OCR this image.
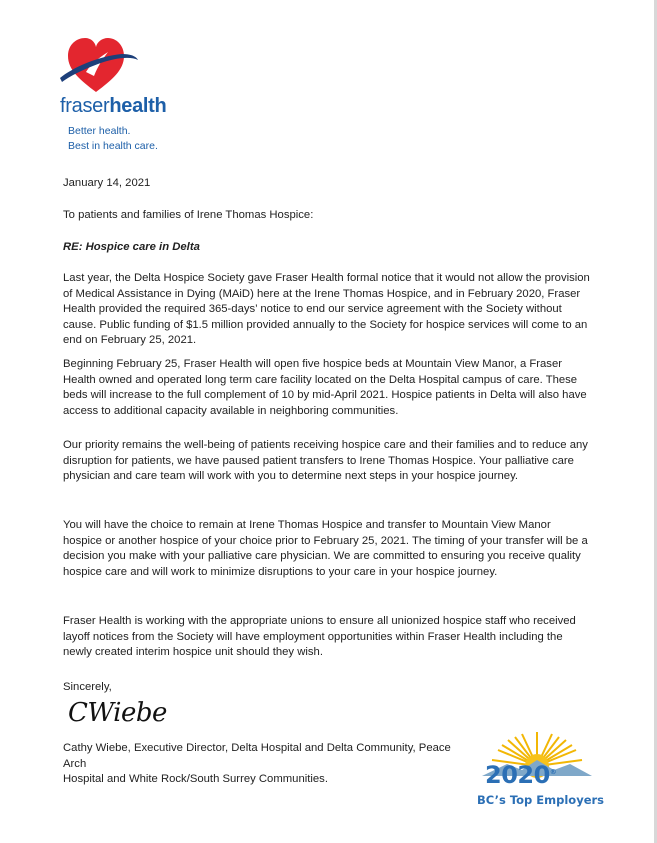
fraserhealth
Better health.
Best in health care.
January 14, 2021
To patients and families of Irene Thomas Hospice:
RE: Hospice care in Delta

Last year, the Delta Hospice Society gave Fraser Health formal notice that it would not allow the provision of Medical Assistance in Dying (MAiD) here at the Irene Thomas Hospice, and in February 2020, Fraser Health provided the required 365-days’ notice to end our service agreement with the Society without cause. Public funding of $1.5 million provided annually to the Society for hospice services will come to an end on February 25, 2021.

Beginning February 25, Fraser Health will open five hospice beds at Mountain View Manor, a Fraser Health owned and operated long term care facility located on the Delta Hospital campus of care. These beds will increase to the full complement of 10 by mid-April 2021. Hospice patients in Delta will also have access to additional capacity available in neighboring communities.

Our priority remains the well-being of patients receiving hospice care and their families and to reduce any disruption for patients, we have paused patient transfers to Irene Thomas Hospice. Your palliative care physician and care team will work with you to determine next steps in your hospice journey.

You will have the choice to remain at Irene Thomas Hospice and transfer to Mountain View Manor hospice or another hospice of your choice prior to February 25, 2021. The timing of your transfer will be a decision you make with your palliative care physician. We are committed to ensuring you receive quality hospice care and will work to minimize disruptions to your care in your hospice journey.

Fraser Health is working with the appropriate unions to ensure all unionized hospice staff who received layoff notices from the Society will have employment opportunities within Fraser Health including the newly created interim hospice unit should they wish.

Sincerely,
CWiebe
Cathy Wiebe, Executive Director, Delta Hospital and Delta Community, Peace Arch
Hospital and White Rock/South Surrey Communities.	2020®
BC’s Top Employers
